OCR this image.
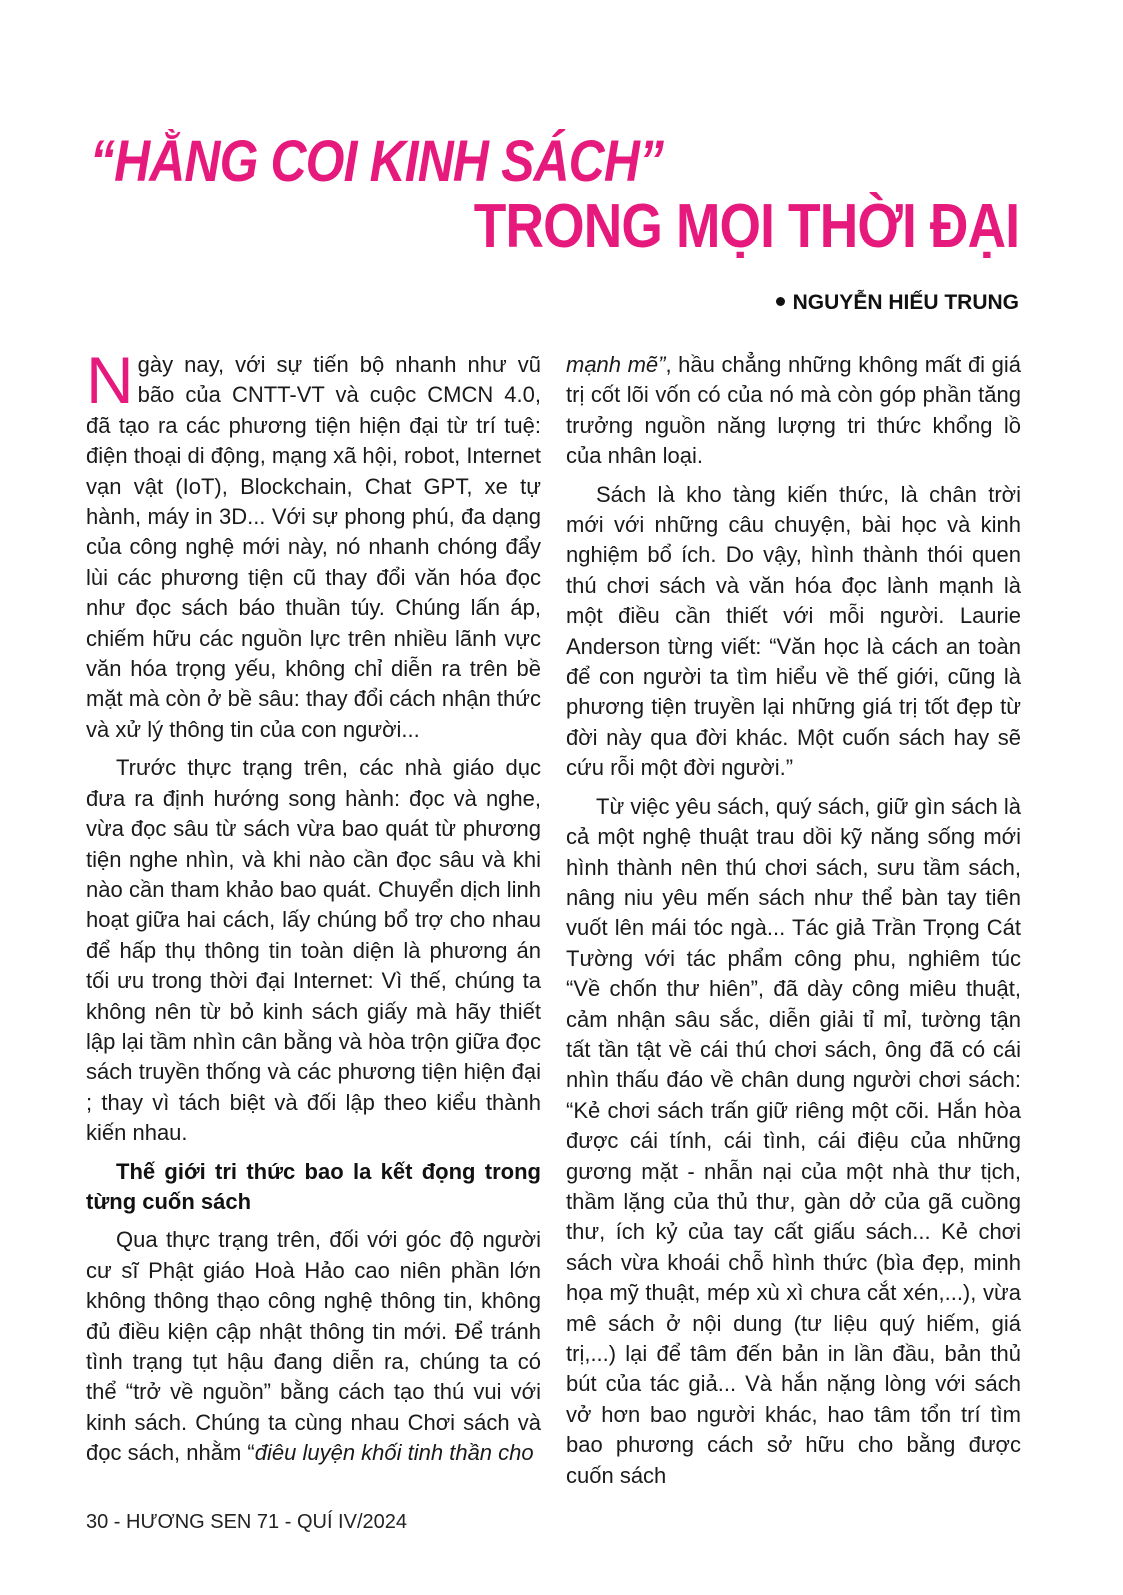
“HẰNG COI KINH SÁCH”
TRONG MỌI THỜI ĐẠI
NGUYỄN HIẾU TRUNG

Ngày nay, với sự tiến bộ nhanh như vũ bão của CNTT-VT và cuộc CMCN 4.0, đã tạo ra các phương tiện hiện đại từ trí tuệ: điện thoại di động, mạng xã hội, robot, Internet vạn vật (IoT), Blockchain, Chat GPT, xe tự hành, máy in 3D... Với sự phong phú, đa dạng của công nghệ mới này, nó nhanh chóng đẩy lùi các phương tiện cũ thay đổi văn hóa đọc như đọc sách báo thuần túy. Chúng lấn áp, chiếm hữu các nguồn lực trên nhiều lãnh vực văn hóa trọng yếu, không chỉ diễn ra trên bề mặt mà còn ở bề sâu: thay đổi cách nhận thức và xử lý thông tin của con người...

Trước thực trạng trên, các nhà giáo dục đưa ra định hướng song hành: đọc và nghe, vừa đọc sâu từ sách vừa bao quát từ phương tiện nghe nhìn, và khi nào cần đọc sâu và khi nào cần tham khảo bao quát. Chuyển dịch linh hoạt giữa hai cách, lấy chúng bổ trợ cho nhau để hấp thụ thông tin toàn diện là phương án tối ưu trong thời đại Internet: Vì thế, chúng ta không nên từ bỏ kinh sách giấy mà hãy thiết lập lại tầm nhìn cân bằng và hòa trộn giữa đọc sách truyền thống và các phương tiện hiện đại ; thay vì tách biệt và đối lập theo kiểu thành kiến nhau.

Thế giới tri thức bao la kết đọng trong từng cuốn sách

Qua thực trạng trên, đối với góc độ người cư sĩ Phật giáo Hoà Hảo cao niên phần lớn không thông thạo công nghệ thông tin, không đủ điều kiện cập nhật thông tin mới. Để tránh tình trạng tụt hậu đang diễn ra, chúng ta có thể “trở về nguồn” bằng cách tạo thú vui với kinh sách. Chúng ta cùng nhau Chơi sách và đọc sách, nhằm “điêu luyện khối tinh thần cho

mạnh mẽ”, hầu chẳng những không mất đi giá trị cốt lõi vốn có của nó mà còn góp phần tăng trưởng nguồn năng lượng tri thức khổng lồ của nhân loại.

Sách là kho tàng kiến thức, là chân trời mới với những câu chuyện, bài học và kinh nghiệm bổ ích. Do vậy, hình thành thói quen thú chơi sách và văn hóa đọc lành mạnh là một điều cần thiết với mỗi người. Laurie Anderson từng viết: “Văn học là cách an toàn để con người ta tìm hiểu về thế giới, cũng là phương tiện truyền lại những giá trị tốt đẹp từ đời này qua đời khác. Một cuốn sách hay sẽ cứu rỗi một đời người.”

Từ việc yêu sách, quý sách, giữ gìn sách là cả một nghệ thuật trau dồi kỹ năng sống mới hình thành nên thú chơi sách, sưu tầm sách, nâng niu yêu mến sách như thể bàn tay tiên vuốt lên mái tóc ngà... Tác giả Trần Trọng Cát Tường với tác phẩm công phu, nghiêm túc “Về chốn thư hiên”, đã dày công miêu thuật, cảm nhận sâu sắc, diễn giải tỉ mỉ, tường tận tất tần tật về cái thú chơi sách, ông đã có cái nhìn thấu đáo về chân dung người chơi sách: “Kẻ chơi sách trấn giữ riêng một cõi. Hắn hòa được cái tính, cái tình, cái điệu của những gương mặt - nhẫn nại của một nhà thư tịch, thầm lặng của thủ thư, gàn dở của gã cuồng thư, ích kỷ của tay cất giấu sách... Kẻ chơi sách vừa khoái chỗ hình thức (bìa đẹp, minh họa mỹ thuật, mép xù xì chưa cắt xén,...), vừa mê sách ở nội dung (tư liệu quý hiếm, giá trị,...) lại để tâm đến bản in lần đầu, bản thủ bút của tác giả... Và hắn nặng lòng với sách vở hơn bao người khác, hao tâm tổn trí tìm bao phương cách sở hữu cho bằng được cuốn sách

30 - HƯƠNG SEN 71 - QUÍ IV/2024
